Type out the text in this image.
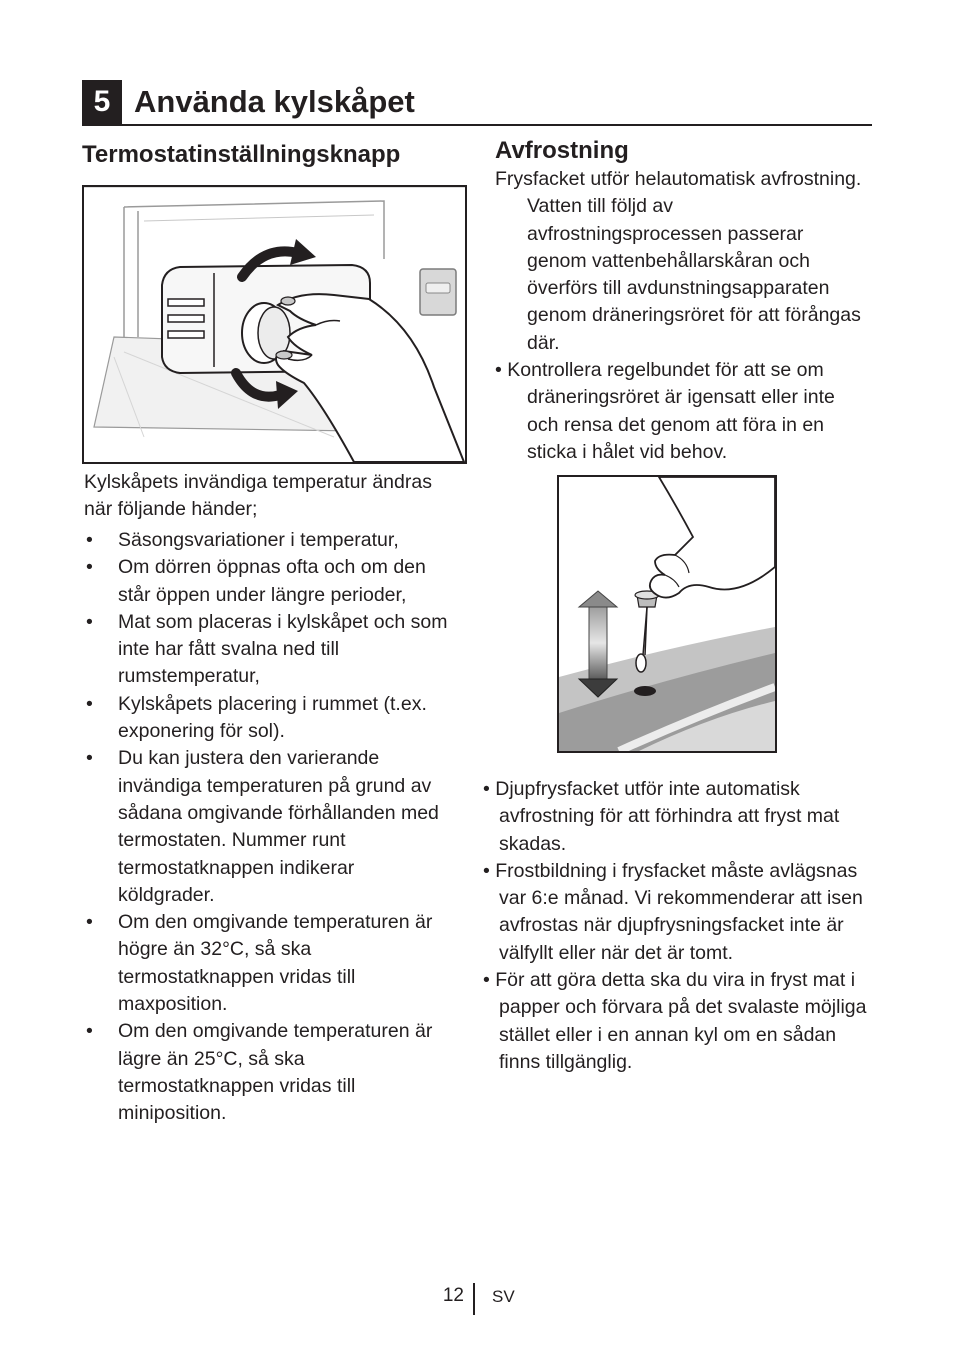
5 Använda kylskåpet
Termostatinställningsknapp

Kylskåpets invändiga temperatur ändras när följande händer;

• Säsongsvariationer i temperatur,
• Om dörren öppnas ofta och om den står öppen under längre perioder,
• Mat som placeras i kylskåpet och som inte har fått svalna ned till rumstemperatur,
• Kylskåpets placering i rummet (t.ex. exponering för sol).
• Du kan justera den varierande invändiga temperaturen på grund av sådana omgivande förhållanden med termostaten. Nummer runt termostatknappen indikerar köldgrader.
• Om den omgivande temperaturen är högre än 32°C, så ska termostatknappen vridas till maxposition.
• Om den omgivande temperaturen är lägre än 25°C, så ska termostatknappen vridas till miniposition.
Avfrostning

Frysfacket utför helautomatisk avfrostning. Vatten till följd av avfrostningsprocessen passerar genom vattenbehållarskåran och överförs till avdunstningsapparaten genom dräneringsröret för att förångas där.

• Kontrollera regelbundet för att se om dräneringsröret är igensatt eller inte och rensa det genom att föra in en sticka i hålet vid behov.

• Djupfrysfacket utför inte automatisk avfrostning för att förhindra att fryst mat skadas.
• Frostbildning i frysfacket måste avlägsnas var 6:e månad. Vi rekommenderar att isen avfrostas när djupfrysningsfacket inte är välfyllt eller när det är tomt.
• För att göra detta ska du vira in fryst mat i papper och förvara på det svalaste möjliga stället eller i en annan kyl om en sådan finns tillgänglig.
12 SV
